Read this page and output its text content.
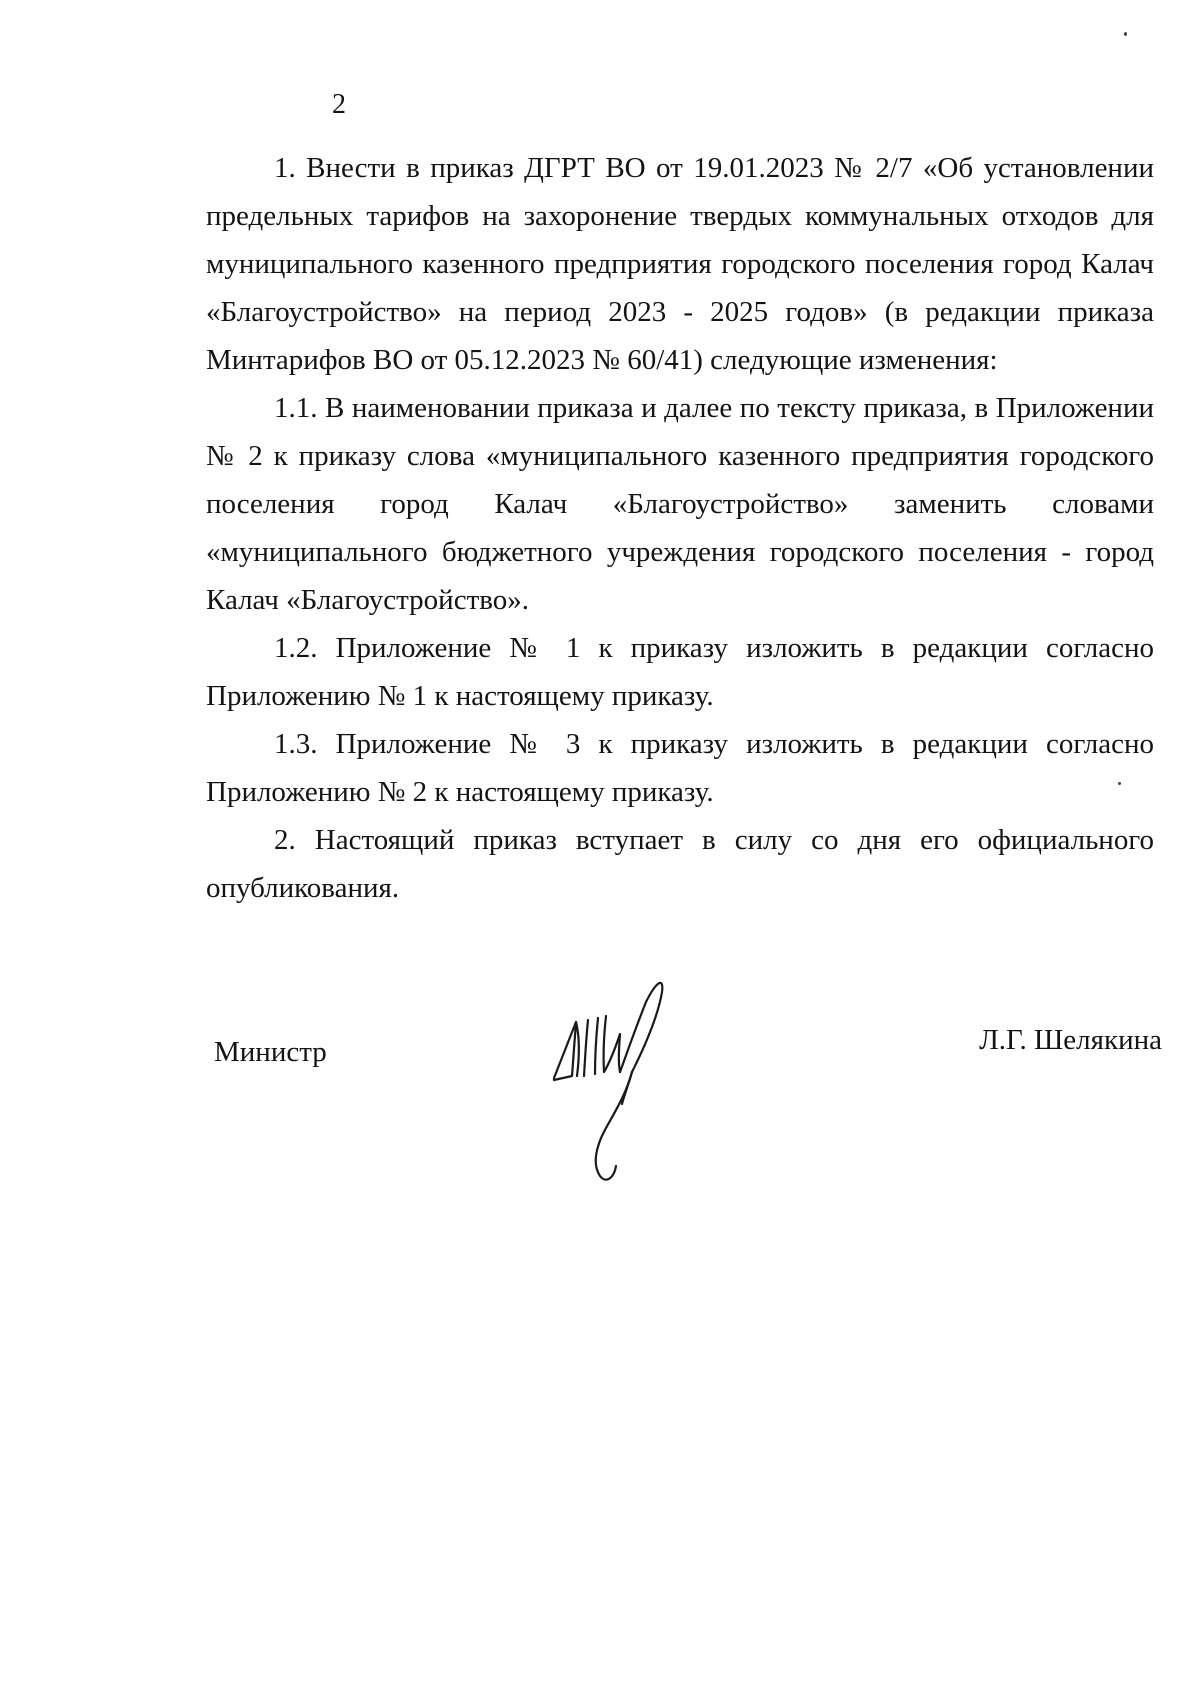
2

1. Внести в приказ ДГРТ ВО от 19.01.2023 № 2/7 «Об установлении предельных тарифов на захоронение твердых коммунальных отходов для муниципального казенного предприятия городского поселения город Калач «Благоустройство» на период 2023 - 2025 годов» (в редакции приказа Минтарифов ВО от 05.12.2023 № 60/41) следующие изменения:

1.1. В наименовании приказа и далее по тексту приказа, в Приложении № 2 к приказу слова «муниципального казенного предприятия городского поселения город Калач «Благоустройство» заменить словами «муниципального бюджетного учреждения городского поселения - город Калач «Благоустройство».

1.2. Приложение № 1 к приказу изложить в редакции согласно Приложению № 1 к настоящему приказу.

1.3. Приложение № 3 к приказу изложить в редакции согласно Приложению № 2 к настоящему приказу.

2. Настоящий приказ вступает в силу со дня его официального опубликования.

Министр	Л.Г. Шелякина
